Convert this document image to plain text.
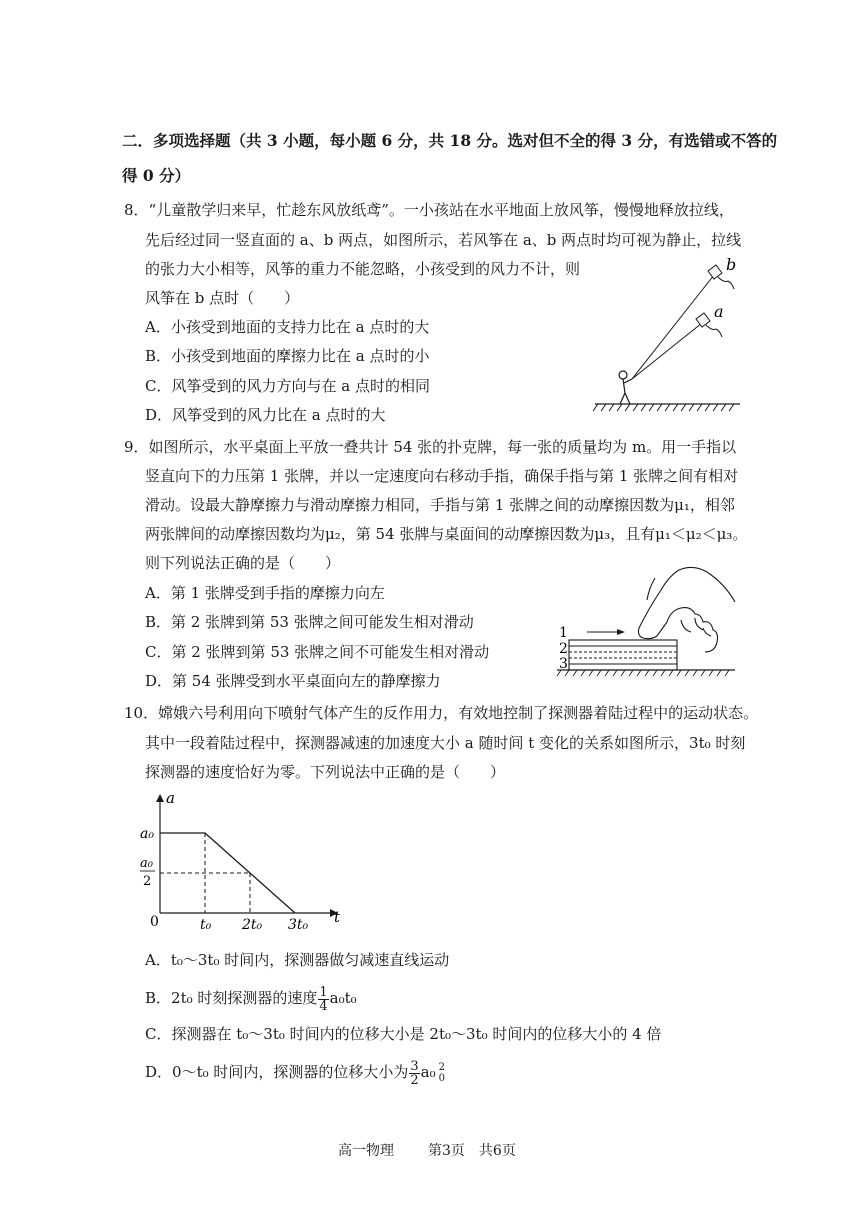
二．多项选择题（共 3 小题，每小题 6 分，共 18 分。选对但不全的得 3 分，有选错或不答的
得 0 分）
8．“儿童散学归来早，忙趁东风放纸鸢”。一小孩站在水平地面上放风筝，慢慢地释放拉线，
先后经过同一竖直面的 a、b 两点，如图所示，若风筝在 a、b 两点时均可视为静止，拉线
的张力大小相等，风筝的重力不能忽略，小孩受到的风力不计，则
风筝在 b 点时（　　）
A．小孩受到地面的支持力比在 a 点时的大
B．小孩受到地面的摩擦力比在 a 点时的小
C．风筝受到的风力方向与在 a 点时的相同
D．风筝受到的风力比在 a 点时的大
b
a
9．如图所示，水平桌面上平放一叠共计 54 张的扑克牌，每一张的质量均为 m。用一手指以
竖直向下的力压第 1 张牌，并以一定速度向右移动手指，确保手指与第 1 张牌之间有相对
滑动。设最大静摩擦力与滑动摩擦力相同，手指与第 1 张牌之间的动摩擦因数为μ₁，相邻
两张牌间的动摩擦因数均为μ₂，第 54 张牌与桌面间的动摩擦因数为μ₃，且有μ₁＜μ₂＜μ₃。
则下列说法正确的是（　　）
A．第 1 张牌受到手指的摩擦力向左
B．第 2 张牌到第 53 张牌之间可能发生相对滑动
C．第 2 张牌到第 53 张牌之间不可能发生相对滑动
D．第 54 张牌受到水平桌面向左的静摩擦力
1
2
3
10．嫦娥六号利用向下喷射气体产生的反作用力，有效地控制了探测器着陆过程中的运动状态。
其中一段着陆过程中，探测器减速的加速度大小 a 随时间 t 变化的关系如图所示，3t₀ 时刻
探测器的速度恰好为零。下列说法中正确的是（　　）
a
t
0
a₀
a₀
2
t₀ 2t₀ 3t₀
A．t₀～3t₀ 时间内，探测器做匀减速直线运动
B．2t₀ 时刻探测器的速度 $\frac{1}{4} a_0t_0$
C．探测器在 t₀～3t₀ 时间内的位移大小是 2t₀～3t₀ 时间内的位移大小的 4 倍
D．0～t₀ 时间内，探测器的位移大小为 $\frac{3}{2} a_0$ 2
0
高一物理 第3页　共6页
